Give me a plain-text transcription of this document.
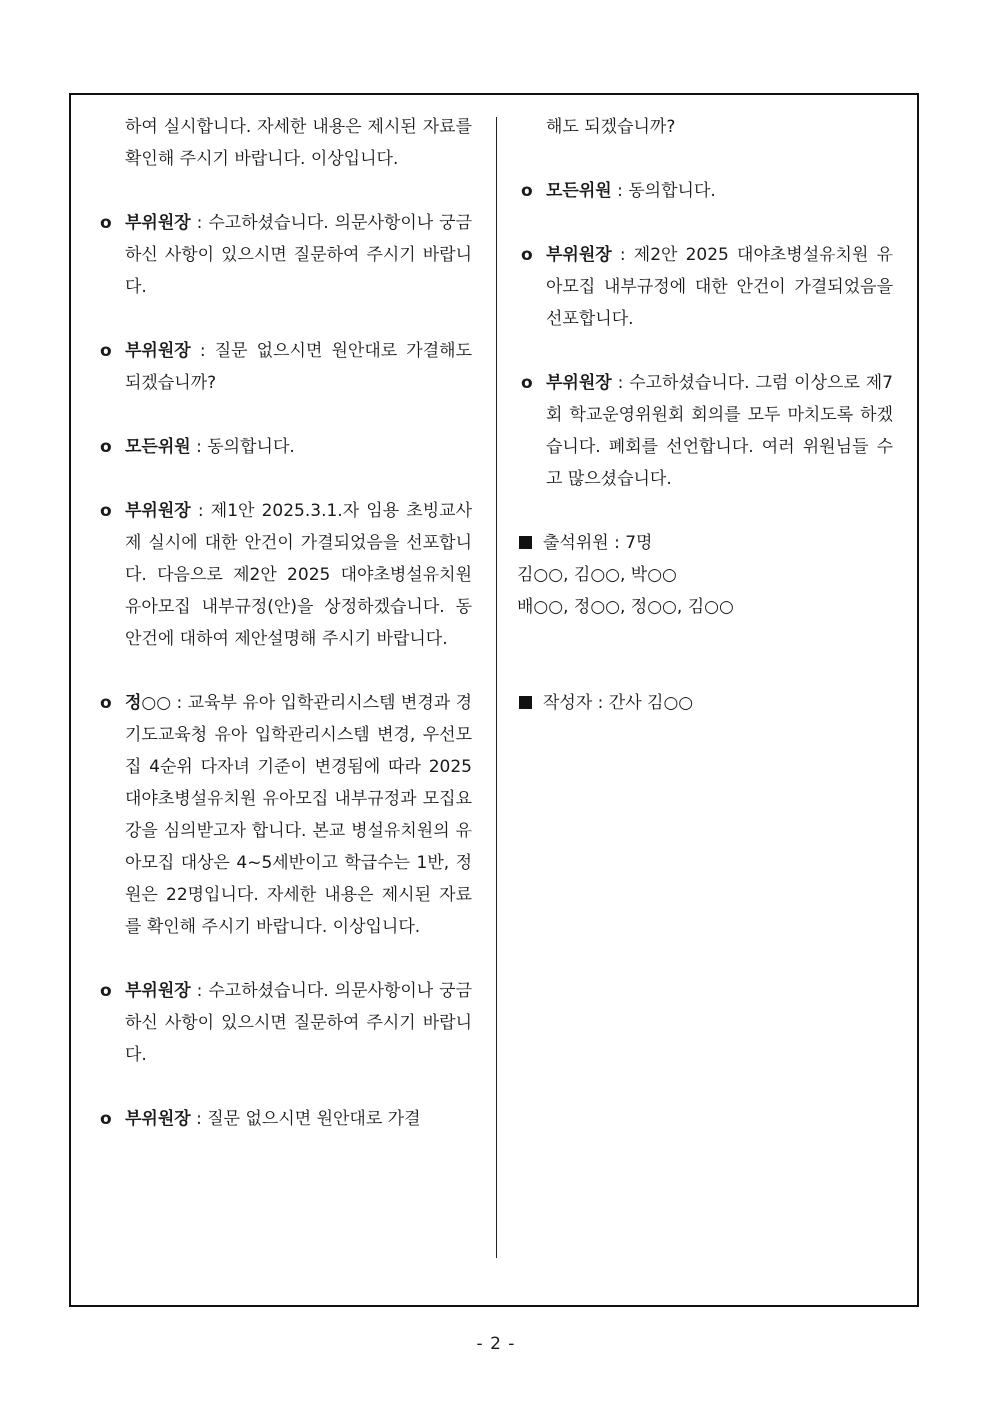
하여 실시합니다. 자세한 내용은 제시된 자료를 확인해 주시기 바랍니다. 이상입니다.
o 부위원장 : 수고하셨습니다. 의문사항이나 궁금하신 사항이 있으시면 질문하여 주시기 바랍니다.
o 부위원장 : 질문 없으시면 원안대로 가결해도 되겠습니까?
o 모든위원 : 동의합니다.
o 부위원장 : 제1안 2025.3.1.자 임용 초빙교사제 실시에 대한 안건이 가결되었음을 선포합니다. 다음으로 제2안 2025 대야초병설유치원 유아모집 내부규정(안)을 상정하겠습니다. 동 안건에 대하여 제안설명해 주시기 바랍니다.
o 정○○ : 교육부 유아 입학관리시스템 변경과 경기도교육청 유아 입학관리시스템 변경, 우선모집 4순위 다자녀 기준이 변경됨에 따라 2025 대야초병설유치원 유아모집 내부규정과 모집요강을 심의받고자 합니다. 본교 병설유치원의 유아모집 대상은 4~5세반이고 학급수는 1반, 정원은 22명입니다. 자세한 내용은 제시된 자료를 확인해 주시기 바랍니다. 이상입니다.
o 부위원장 : 수고하셨습니다. 의문사항이나 궁금하신 사항이 있으시면 질문하여 주시기 바랍니다.
o 부위원장 : 질문 없으시면 원안대로 가결
해도 되겠습니까?
o 모든위원 : 동의합니다.
o 부위원장 : 제2안 2025 대야초병설유치원 유아모집 내부규정에 대한 안건이 가결되었음을 선포합니다.
o 부위원장 : 수고하셨습니다. 그럼 이상으로 제7회 학교운영위원회 회의를 모두 마치도록 하겠습니다. 폐회를 선언합니다. 여러 위원님들 수고 많으셨습니다.
출석위원 : 7명
김○○, 김○○, 박○○
배○○, 정○○, 정○○, 김○○
작성자 : 간사 김○○
- 2 -
